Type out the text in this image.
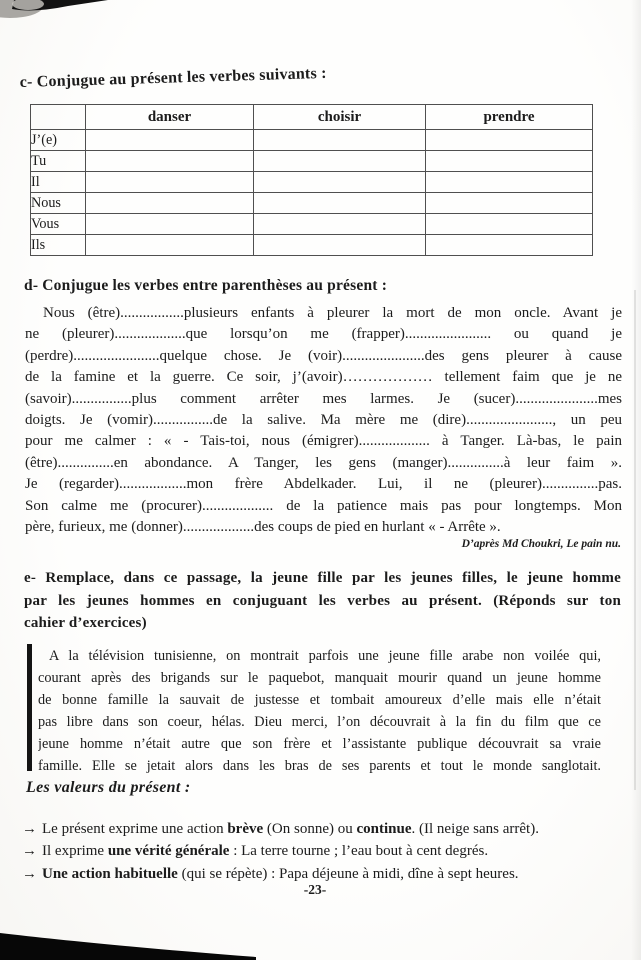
c- Conjugue au présent les verbes suivants :
	danser	choisir	prendre
J’(e)			
Tu			
Il			
Nous			
Vous			
Ils			
d- Conjugue les verbes entre parenthèses au présent :
Nous (être).................plusieurs enfants à pleurer la mort de mon oncle. Avant je
ne (pleurer)...................que lorsqu’on me (frapper)....................... ou quand je
(perdre).......................quelque chose. Je (voir)......................des gens pleurer à cause
de la famine et la guerre. Ce soir, j’(avoir)……………… tellement faim que je ne
(savoir)................plus comment arrêter mes larmes. Je (sucer)......................mes
doigts. Je (vomir)................de la salive. Ma mère me (dire)......................., un peu
pour me calmer : « - Tais-toi, nous (émigrer)................... à Tanger. Là-bas, le pain
(être)...............en abondance. A Tanger, les gens (manger)...............à leur faim ».
Je (regarder)..................mon frère Abdelkader. Lui, il ne (pleurer)...............pas.
Son calme me (procurer)................... de la patience mais pas pour longtemps. Mon
père, furieux, me (donner)...................des coups de pied en hurlant « - Arrête ».
D’après Md Choukri, Le pain nu.
e- Remplace, dans ce passage, la jeune fille par les jeunes filles, le jeune homme
par les jeunes hommes en conjuguant les verbes au présent. (Réponds sur ton
cahier d’exercices)
A la télévision tunisienne, on montrait parfois une jeune fille arabe non voilée qui,
courant après des brigands sur le paquebot, manquait mourir quand un jeune homme
de bonne famille la sauvait de justesse et tombait amoureux d’elle mais elle n’était
pas libre dans son coeur, hélas. Dieu merci, l’on découvrait à la fin du film que ce
jeune homme n’était autre que son frère et l’assistante publique découvrait sa vraie
famille. Elle se jetait alors dans les bras de ses parents et tout le monde sanglotait.
Les valeurs du présent :
→ Le présent exprime une action brève (On sonne) ou continue. (Il neige sans arrêt).
→ Il exprime une vérité générale : La terre tourne ; l’eau bout à cent degrés.
→ Une action habituelle (qui se répète) : Papa déjeune à midi, dîne à sept heures.
-23-
